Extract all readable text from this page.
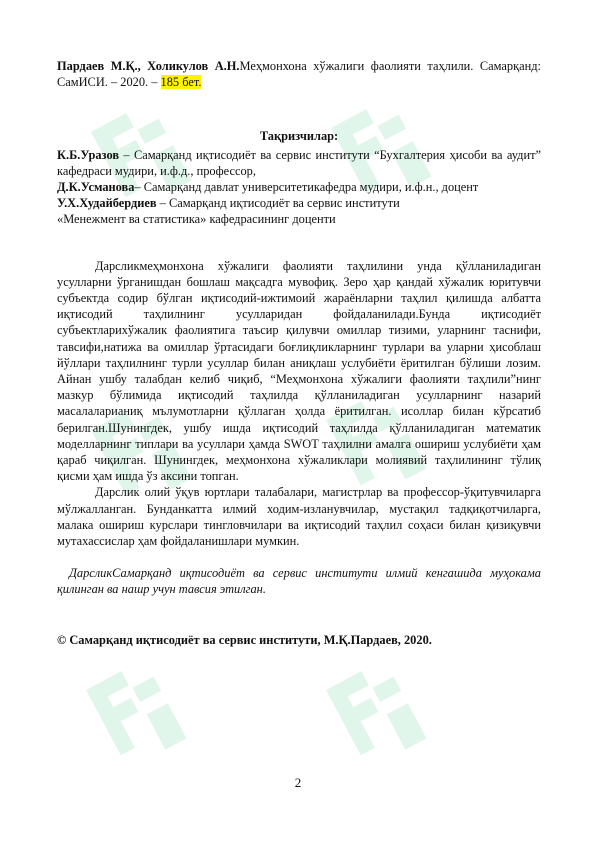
Пардаев М.Қ., Холикулов А.Н.Меҳмонхона хўжалиги фаолияти таҳлили. Самарқанд: СамИСИ. – 2020. – 185 бет.

Тақризчилар:

К.Б.Уразов – Самарқанд иқтисодиёт ва сервис институти “Бухгалтерия ҳисоби ва аудит” кафедраси мудири, и.ф.д., профессор,

Д.К.Усманова– Самарқанд давлат университетикафедра мудири, и.ф.н., доцент

У.Х.Худайбердиев – Самарқанд иқтисодиёт ва сервис институти

«Менежмент ва статистика» кафедрасининг доценти

Дарсликмеҳмонхона хўжалиги фаолияти таҳлилини унда қўлланиладиган усулларни ўрганишдан бошлаш мақсадга мувофиқ. Зеро ҳар қандай хўжалик юритувчи субъектда содир бўлган иқтисодий-ижтимоий жараёнларни таҳлил қилишда албатта иқтисодий таҳлилнинг усулларидан фойдаланилади.Бунда иқтисодиёт субъектларихўжалик фаолиятига таъсир қилувчи омиллар тизими, уларнинг таснифи, тавсифи,натижа ва омиллар ўртасидаги боғлиқликларнинг турлари ва уларни ҳисоблаш йўллари таҳлилнинг турли усуллар билан аниқлаш услубиёти ёритилган бўлиши лозим. Айнан ушбу талабдан келиб чиқиб, “Меҳмонхона хўжалиги фаолияти таҳлили”нинг мазкур бўлимида иқтисодий таҳлилда қўлланиладиган усулларнинг назарий масалаларианиқ мълумотларни қўллаган ҳолда ёритилган. исоллар билан кўрсатиб берилган.Шунингдек, ушбу ишда иқтисодий таҳлилда қўлланиладиган математик моделларнинг типлари ва усуллари ҳамда SWOT таҳлилни амалга ошириш услубиёти ҳам қараб чиқилган. Шунингдек, меҳмонхона хўжаликлари молиявий таҳлилининг тўлиқ қисми ҳам ишда ўз аксини топган.

Дарслик олий ўқув юртлари талабалари, магистрлар ва профессор-ўқитувчиларга мўлжалланган. Бунданкатта илмий ходим-изланувчилар, мустақил тадқиқотчиларга, малака ошириш курслари тингловчилари ва иқтисодий таҳлил соҳаси билан қизиқувчи мутахассислар ҳам фойдаланишлари мумкин.

ДарсликСамарқанд иқтисодиёт ва сервис институти илмий кенгашида муҳокама қилинган ва нашр учун тавсия этилган.

© Самарқанд иқтисодиёт ва сервис институти, М.Қ.Пардаев, 2020.

2
